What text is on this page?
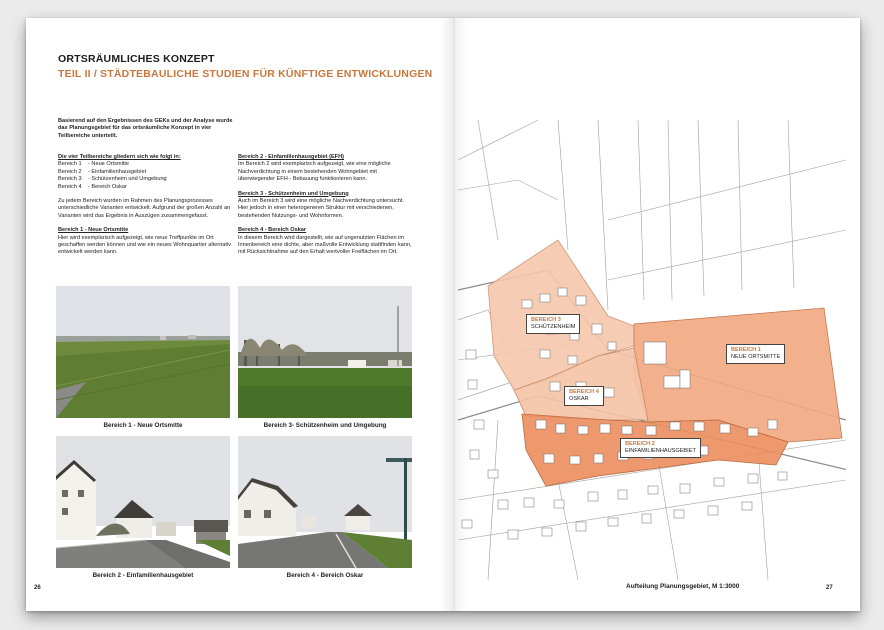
ORTSRÄUMLICHES KONZEPT
TEIL II / STÄDTEBAULICHE STUDIEN FÜR KÜNFTIGE ENTWICKLUNGEN
Basierend auf den Ergebnissen des GEKs und der Analyse wurde das Planungsgebiet für das ortsräumliche Konzept in vier Teilbereiche unterteilt.
Die vier Teilbereiche gliedern sich wie folgt in:
Bereich 1 - Neue Ortsmitte
Bereich 2 - Einfamilienhausgebiet
Bereich 3 - Schützenheim und Umgebung
Bereich 4 - Bereich Oskar
Zu jedem Bereich wurden im Rahmen des Planungsprozesses unterschiedliche Varianten entwickelt. Aufgrund der großen Anzahl an Varianten wird das Ergebnis in Auszügen zusammengefasst.
Bereich 1 - Neue Ortsmitte
Hier wird exemplarisch aufgezeigt, wie neue Treffpunkte im Ort geschaffen werden können und wie ein neues Wohnquartier alternativ entwickelt werden kann.
Bereich 2 - Einfamilienhausgebiet (EFH)
Im Bereich 2 wird exemplarisch aufgezeigt, wie eine mögliche Nachverdichtung in einem bestehenden Wohngebiet mit überwiegender EFH - Bebauung funktionieren kann.
Bereich 3 - Schützenheim und Umgebung
Auch im Bereich 3 wird eine mögliche Nachverdichtung untersucht. Hier jedoch in einer heterogeneren Struktur mit verschiedenen, bestehenden Nutzungs- und Wohnformen.
Bereich 4 - Bereich Oskar
In diesem Bereich wird dargestellt, wie auf ungenutzten Flächen im Innenbereich eine dichte, aber maßvolle Entwicklung stattfinden kann, mit Rücksichtnahme auf den Erhalt wertvoller Freiflächen im Ort.
Bereich 1 - Neue Ortsmitte	Bereich 3- Schützenheim und Umgebung
Bereich 2 - Einfamilienhausgebiet	Bereich 4 - Bereich Oskar
26	27
BEREICH 3
SCHÜTZENHEIM
BEREICH 1
NEUE ORTSMITTE
BEREICH 4
OSKAR
BEREICH 2
EINFAMILIENHAUSGEBIET
Aufteilung Planungsgebiet, M 1:3000
